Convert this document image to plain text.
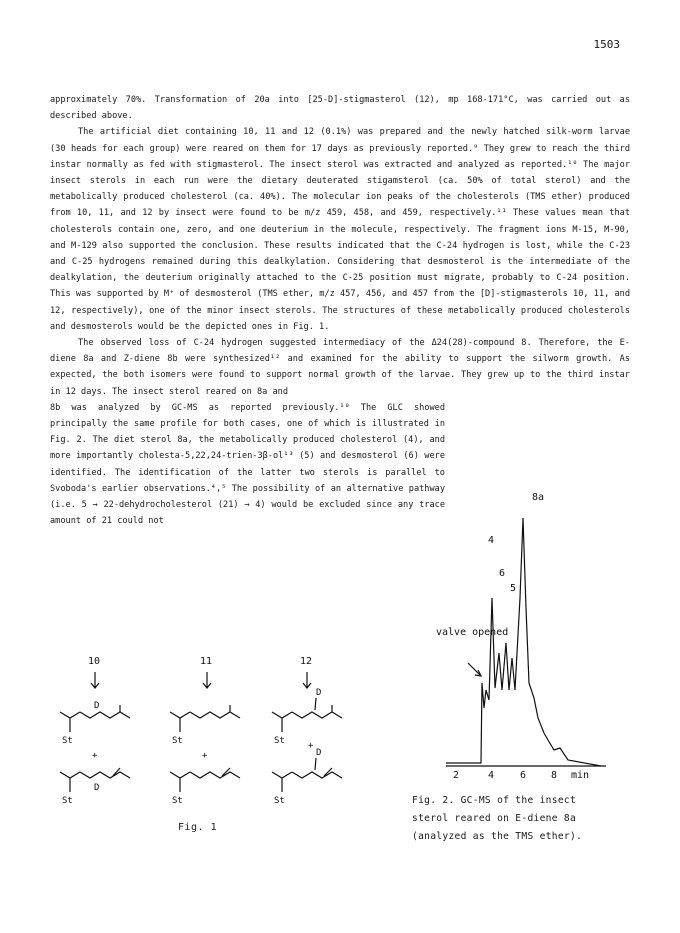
1503

approximately 70%. Transformation of 20a into [25-D]-stigmasterol (12), mp 168-171°C, was carried out as described above.

The artificial diet containing 10, 11 and 12 (0.1%) was prepared and the newly hatched silk-worm larvae (30 heads for each group) were reared on them for 17 days as previously reported.⁹ They grew to reach the third instar normally as fed with stigmasterol. The insect sterol was extracted and analyzed as reported.¹⁰ The major insect sterols in each run were the dietary deuterated stigamsterol (ca. 50% of total sterol) and the metabolically produced cholesterol (ca. 40%). The molecular ion peaks of the cholesterols (TMS ether) produced from 10, 11, and 12 by insect were found to be m/z 459, 458, and 459, respectively.¹¹ These values mean that cholesterols contain one, zero, and one deuterium in the molecule, respectively. The fragment ions M-15, M-90, and M-129 also supported the conclusion. These results indicated that the C-24 hydrogen is lost, while the C-23 and C-25 hydrogens remained during this dealkylation. Considering that desmosterol is the intermediate of the dealkylation, the deuterium originally attached to the C-25 position must migrate, probably to C-24 position. This was supported by M⁺ of desmosterol (TMS ether, m/z 457, 456, and 457 from the [D]-stigmasterols 10, 11, and 12, respectively), one of the minor insect sterols. The structures of these metabolically produced cholesterols and desmosterols would be the depicted ones in Fig. 1.

The observed loss of C-24 hydrogen suggested intermediacy of the Δ24(28)-compound 8. Therefore, the E-diene 8a and Z-diene 8b were synthesized¹² and examined for the ability to support the silworm growth. As expected, the both isomers were found to support normal growth of the larvae. They grew up to the third instar in 12 days. The insect sterol reared on 8a and

8b was analyzed by GC-MS as reported previously.¹⁰ The GLC showed principally the same profile for both cases, one of which is illustrated in Fig. 2. The diet sterol 8a, the metabolically produced cholesterol (4), and more importantly cholesta-5,22,24-trien-3β-ol¹³ (5) and desmosterol (6) were identified. The identification of the latter two sterols is parallel to Svoboda's earlier observations.⁴,⁵ The possibility of an alternative pathway (i.e. 5 → 22-dehydrocholesterol (21) → 4) would be excluded since any trace amount of 21 could not

8a
4
6
5
valve opened
2	4	6 8 min
Fig. 2. GC-MS of the insect sterol reared on E-diene 8a (analyzed as the TMS ether).
10	11	12
St	St	St
D
D
St	St	St
D
D
+	+
+
Fig. 1
